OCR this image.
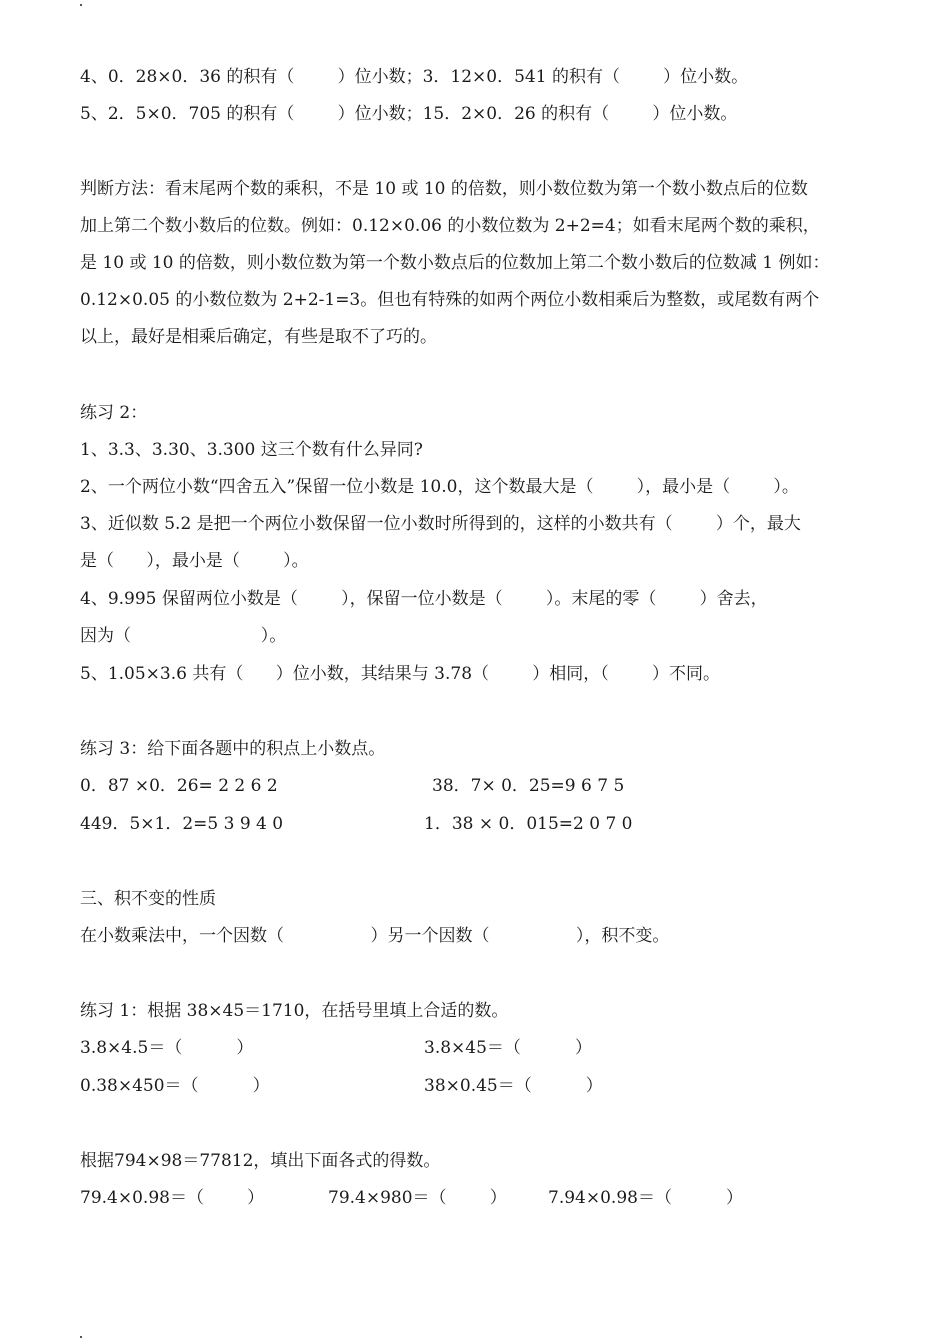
4、0．28×0．36 的积有（        ）位小数；3．12×0．541 的积有（        ）位小数。
5、2．5×0．705 的积有（        ）位小数；15．2×0．26 的积有（        ）位小数。
判断方法：看末尾两个数的乘积，不是 10 或 10 的倍数，则小数位数为第一个数小数点后的位数
加上第二个数小数后的位数。例如：0.12×0.06 的小数位数为 2+2=4；如看末尾两个数的乘积，
是 10 或 10 的倍数，则小数位数为第一个数小数点后的位数加上第二个数小数后的位数减 1 例如：
0.12×0.05 的小数位数为 2+2-1=3。但也有特殊的如两个两位小数相乘后为整数，或尾数有两个
以上，最好是相乘后确定，有些是取不了巧的。
练习 2：
1、3.3、3.30、3.300 这三个数有什么异同?
2、一个两位小数“四舍五入”保留一位小数是 10.0，这个数最大是（        ），最小是（        ）。
3、近似数 5.2 是把一个两位小数保留一位小数时所得到的，这样的小数共有（        ）个，最大
是（      ），最小是（        ）。
4、9.995 保留两位小数是（        ），保留一位小数是（        ）。末尾的零（        ）舍去，
因为（                        ）。
5、1.05×3.6 共有（      ）位小数，其结果与 3.78（        ）相同，（        ）不同。
练习 3：给下面各题中的积点上小数点。
0．87 ×0．26= 2 2 6 2	38．7× 0．25=9 6 7 5
449．5×1．2=5 3 9 4 0	1．38 × 0．015=2 0 7 0
三、积不变的性质
在小数乘法中，一个因数（                ）另一个因数（                ），积不变。
练习 1：根据 38×45＝1710，在括号里填上合适的数。
3.8×4.5＝（          ）	3.8×45＝（          ）
0.38×450＝（          ）	38×0.45＝（          ）
根据794×98＝77812，填出下面各式的得数。
79.4×0.98＝（        ）	79.4×980＝（        ） 7.94×0.98＝（          ）
